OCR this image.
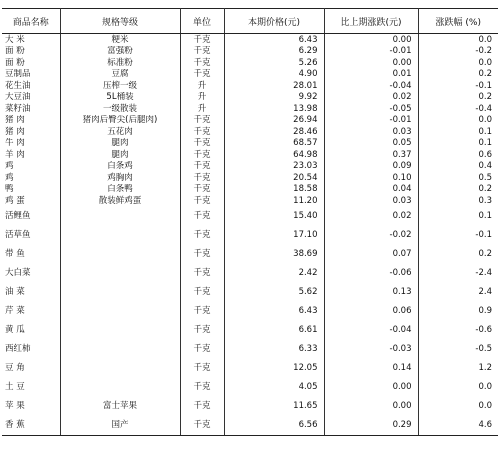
商品名称	规格等级	单位	本期价格(元)	比上期涨跌(元)	涨跌幅 (%)
大 米	粳米	千克	6.43	0.00	0.0
面 粉	富强粉	千克	6.29	-0.01	-0.2
面 粉	标准粉	千克	5.26	0.00	0.0
豆制品	豆腐	千克	4.90	0.01	0.2
花生油	压榨一级	升	28.01	-0.04	-0.1
大豆油	5L桶装	升	9.92	0.02	0.2
菜籽油	一级散装	升	13.98	-0.05	-0.4
猪 肉	猪肉后臀尖(后腿肉)	千克	26.94	-0.01	0.0
猪 肉	五花肉	千克	28.46	0.03	0.1
牛 肉	腿肉	千克	68.57	0.05	0.1
羊 肉	腿肉	千克	64.98	0.37	0.6
鸡	白条鸡	千克	23.03	0.09	0.4
鸡	鸡胸肉	千克	20.54	0.10	0.5
鸭	白条鸭	千克	18.58	0.04	0.2
鸡 蛋	散装鲜鸡蛋	千克	11.20	0.03	0.3
活鲤鱼		千克	15.40	0.02	0.1
活草鱼		千克	17.10	-0.02	-0.1
带 鱼		千克	38.69	0.07	0.2
大白菜		千克	2.42	-0.06	-2.4
油 菜		千克	5.62	0.13	2.4
芹 菜		千克	6.43	0.06	0.9
黄 瓜		千克	6.61	-0.04	-0.6
西红柿		千克	6.33	-0.03	-0.5
豆 角		千克	12.05	0.14	1.2
土 豆		千克	4.05	0.00	0.0
苹 果	富士苹果	千克	11.65	0.00	0.0
香 蕉	国产	千克	6.56	0.29	4.6
